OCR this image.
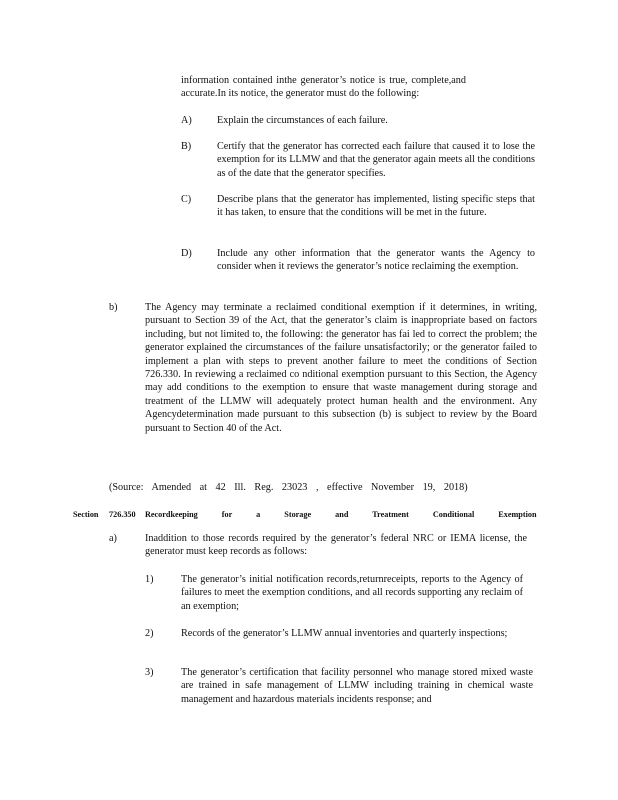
information contained inthe generator’s notice is true, complete,and accurate.In its notice, the generator must do the following:
A) Explain the circumstances of each failure.
B)	Certify that the generator has corrected each failure that caused it to lose the exemption for its LLMW and that the generator again meets all the conditions as of the date that the generator specifies.
C)	Describe plans that the generator has implemented, listing specific steps that it has taken, to ensure that the conditions will be met in the future.
D) Include any other information that the generator wants the Agency to consider when it reviews the generator’s notice reclaiming the exemption.
b)	The Agency may terminate a reclaimed conditional exemption if it determines, in writing, pursuant to Section 39 of the Act, that the generator’s claim is inappropriate based on factors including, but not limited to, the following: the generator has fai led to correct the problem; the generator explained the circumstances of the failure unsatisfactorily; or the generator failed to implement a plan with steps to prevent another failure to meet the conditions of Section 726.330. In reviewing a reclaimed co nditional exemption pursuant to this Section, the Agency may add conditions to the exemption to ensure that waste management during storage and treatment of the LLMW will adequately protect human health and the environment. Any Agencydetermination made pursuant to this subsection (b) is subject to review by the Board pursuant to Section 40 of the Act.
(Source: Amended at 42 Ill. Reg. 23023 , effective November 19, 2018)
Section 726.350 Recordkeeping for a Storage and Treatment Conditional Exemption
a)	Inaddition to those records required by the generator’s federal NRC or IEMA license, the generator must keep records as follows:
1)	The generator’s initial notification records,returnreceipts, reports to the Agency of failures to meet the exemption conditions, and all records supporting any reclaim of an exemption;
2)	Records of the generator’s LLMW annual inventories and quarterly inspections;
3)	The generator’s certification that facility personnel who manage stored mixed waste are trained in safe management of LLMW including training in chemical waste management and hazardous materials incidents response; and
